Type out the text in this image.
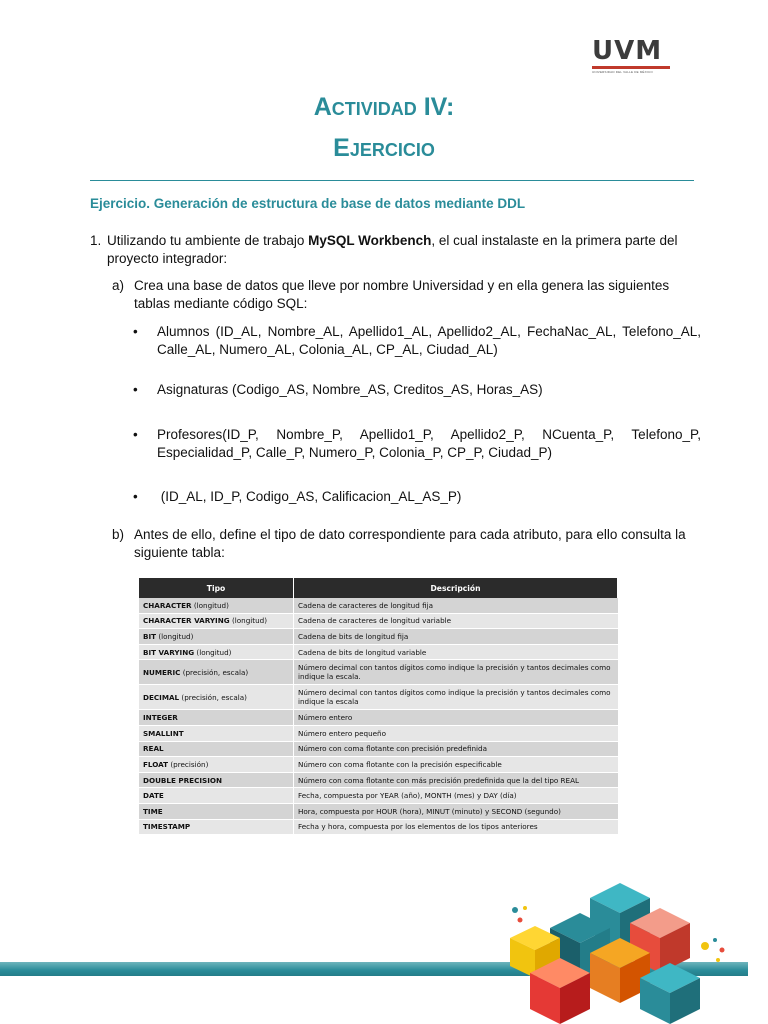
UVM
UNIVERSIDAD DEL VALLE DE MÉXICO
Actividad IV:
Ejercicio
Ejercicio. Generación de estructura de base de datos mediante DDL
1. Utilizando tu ambiente de trabajo MySQL Workbench, el cual instalaste en la primera parte del proyecto integrador:
a) Crea una base de datos que lleve por nombre Universidad y en ella genera las siguientes tablas mediante código SQL:
•	Alumnos (ID_AL, Nombre_AL, Apellido1_AL, Apellido2_AL, FechaNac_AL, Telefono_AL, Calle_AL, Numero_AL, Colonia_AL, CP_AL, Ciudad_AL)
•	Asignaturas (Codigo_AS, Nombre_AS, Creditos_AS, Horas_AS)
•	Profesores(ID_P, Nombre_P, Apellido1_P, Apellido2_P, NCuenta_P, Telefono_P, Especialidad_P, Calle_P, Numero_P, Colonia_P, CP_P, Ciudad_P)
•	(ID_AL, ID_P, Codigo_AS, Calificacion_AL_AS_P)
b) Antes de ello, define el tipo de dato correspondiente para cada atributo, para ello consulta la siguiente tabla:
Tipo	Descripción
CHARACTER (longitud)	Cadena de caracteres de longitud fija
CHARACTER VARYING (longitud)	Cadena de caracteres de longitud variable
BIT (longitud)	Cadena de bits de longitud fija
BIT VARYING (longitud)	Cadena de bits de longitud variable
NUMERIC (precisión, escala)	Número decimal con tantos dígitos como indique la precisión y tantos decimales como indique la escala.
DECIMAL (precisión, escala)	Número decimal con tantos dígitos como indique la precisión y tantos decimales como indique la escala
INTEGER	Número entero
SMALLINT	Número entero pequeño
REAL	Número con coma flotante con precisión predefinida
FLOAT (precisión)	Número con coma flotante con la precisión especificable
DOUBLE PRECISION	Número con coma flotante con más precisión predefinida que la del tipo REAL
DATE	Fecha, compuesta por YEAR (año), MONTH (mes) y DAY (día)
TIME	Hora, compuesta por HOUR (hora), MINUT (minuto) y SECOND (segundo)
TIMESTAMP	Fecha y hora, compuesta por los elementos de los tipos anteriores
